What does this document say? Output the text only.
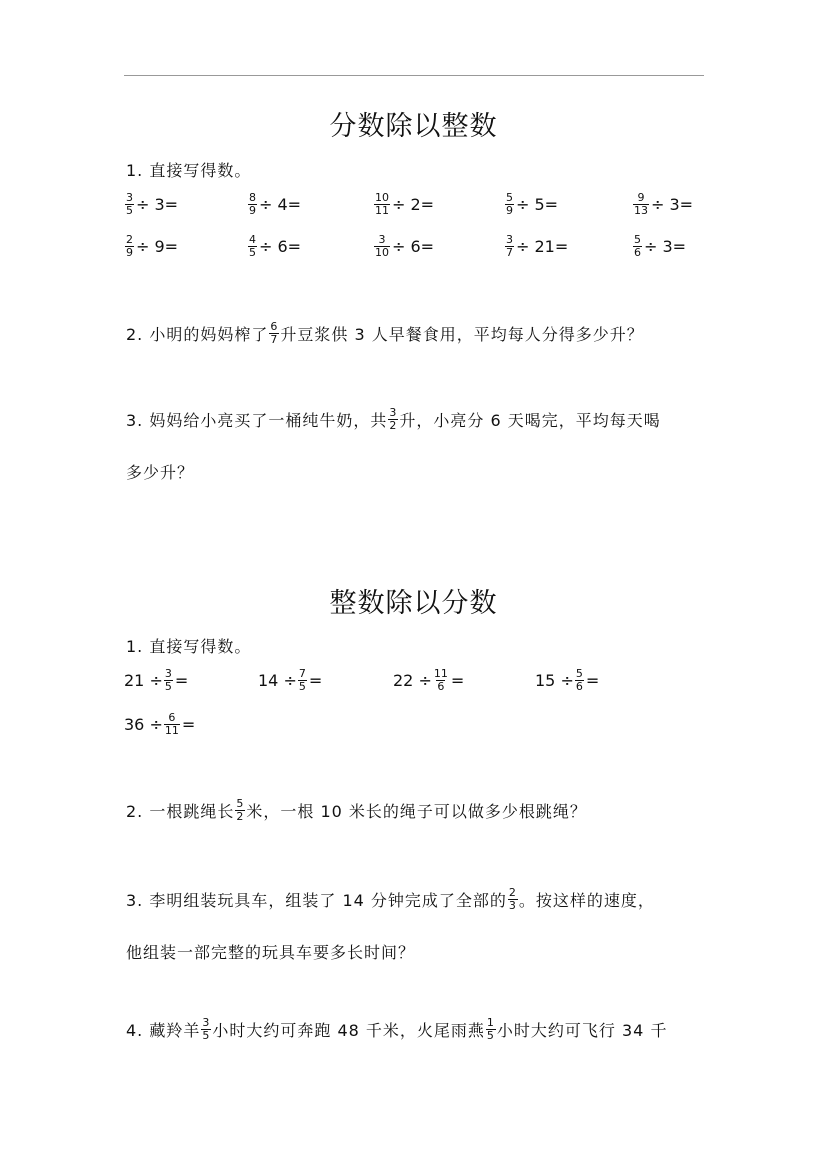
分数除以整数
1. 直接写得数。
$\frac{3}{5} \div 3=$	$\frac{8}{9} \div 4=$	$\frac{10}{11} \div 2=$	$\frac{5}{9} \div 5=$	$\frac{9}{13} \div 3=$
$\frac{2}{9} \div 9=$	$\frac{4}{5} \div 6=$	$\frac{3}{10} \div 6=$	$\frac{3}{7} \div 21=$	$\frac{5}{6} \div 3=$
2. 小明的妈妈榨了 $\frac{6}{7}$ 升豆浆供 3 人早餐食用，平均每人分得多少升？
3. 妈妈给小亮买了一桶纯牛奶，共 $\frac{3}{2}$ 升，小亮分 6 天喝完，平均每天喝
多少升？
整数除以分数
1. 直接写得数。
$21 \div \frac{3}{5}$ =	$14 \div \frac{7}{5}$ =	$22 \div \frac{11}{6}$ =	$15 \div \frac{5}{6}$ =
$36 \div \frac{6}{11}$ =
2. 一根跳绳长 $\frac{5}{2}$ 米，一根 10 米长的绳子可以做多少根跳绳？
3. 李明组装玩具车，组装了 14 分钟完成了全部的 $\frac{2}{3}$ 。按这样的速度，
他组装一部完整的玩具车要多长时间？
4. 藏羚羊 $\frac{3}{5}$ 小时大约可奔跑 48 千米，火尾雨燕 $\frac{1}{5}$ 小时大约可飞行 34 千
